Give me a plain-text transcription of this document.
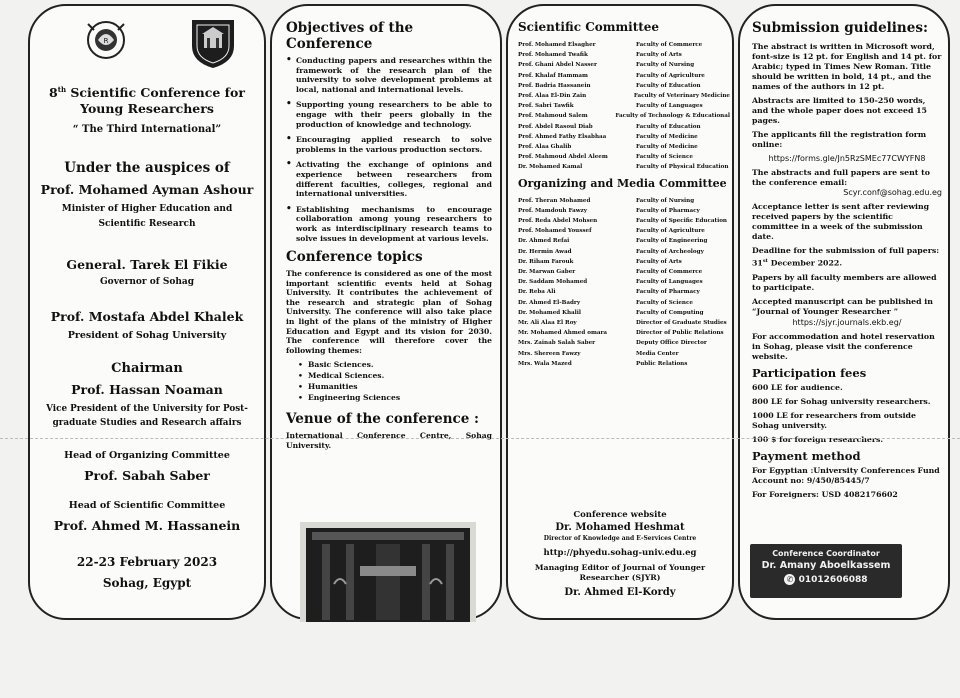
R
8th Scientific Conference for
Young Researchers
“ The Third International”
Under the auspices of
Prof. Mohamed Ayman Ashour
Minister of Higher Education and
Scientific Research
General. Tarek El Fikie
Governor of Sohag
Prof. Mostafa Abdel Khalek
President of Sohag University
Chairman
Prof. Hassan Noaman
Vice President of the University for Post-
graduate Studies and Research affairs
Head of Organizing Committee
Prof. Sabah Saber
Head of Scientific Committee
Prof. Ahmed M. Hassanein
22-23 February 2023
Sohag, Egypt
Objectives of the Conference
• Conducting papers and researches within the framework of the research plan of the university to solve development problems at local, national and international levels.
• Supporting young researchers to be able to engage with their peers globally in the production of knowledge and technology.
• Encouraging applied research to solve problems in the various production sectors.
• Activating the exchange of opinions and experience between researchers from different faculties, colleges, regional and international universities.
• Establishing mechanisms to encourage collaboration among young researchers to work as interdisciplinary research teams to solve issues in development at various levels.
Conference topics
The conference is considered as one of the most important scientific events held at Sohag University. It contributes the achievement of the research and strategic plan of Sohag University. The conference will also take place in light of the plans of the ministry of Higher Education and Egypt and its vision for 2030. The conference will therefore cover the following themes:
• Basic Sciences.
• Medical Sciences.
• Humanities
• Engineering Sciences
Venue of the conference :
International Conference Centre, Sohag University.
Scientific Committee
Prof. Mohamed Elsagher	Faculty of Commerce
Prof. Mohamed Twafik	Faculty of Arts
Prof. Ghani Abdel Nasser	Faculty of Nursing
Prof. Khalaf Hammam	Faculty of Agriculture
Prof. Badria Hassanein	Faculty of Education
Prof. Alaa El-Din Zain	Faculty of Veterinary Medicine
Prof. Sabri Tawfik	Faculty of Languages
Prof. Mahmoud Salem	Faculty of Technology & Educational
Prof. Abdel Rasoul Diab	Faculty of Education
Prof. Ahmed Fathy Elsabhaa	Faculty of Medicine
Prof. Alaa Ghalib	Faculty of Medicine
Prof. Mahmoud Abdel Aleem	Faculty of Science
Dr. Mohamed Kamal	Faculty of Physical Education
Organizing and Media Committee
Prof. Theran Mohamed	Faculty of Nursing
Prof. Mamdouh Fawzy	Faculty of Pharmacy
Prof. Reda Abdel Mohsen	Faculty of Specific Education
Prof. Mohamed Youssef	Faculty of Agriculture
Dr. Ahmed Refai	Faculty of Engineering
Dr. Hermin Awad	Faculty of Archeology
Dr. Riham Farouk	Faculty of Arts
Dr. Marwan Gaber	Faculty of Commerce
Dr. Saddam Mohamed	Faculty of Languages
Dr. Reba Ali	Faculty of Pharmacy
Dr. Ahmed El-Badry	Faculty of Science
Dr. Mohamed Khalil	Faculty of Computing
Mr. Ali Alaa El Roy	Director of Graduate Studies
Mr. Mohamed Ahmed omara	Director of Public Relations
Mrs. Zainab Salah Saber	Deputy Office Director
Mrs. Shereen Fawzy	Media Center
Mrs. Wala Mazed	Public Relations
Conference website
Dr. Mohamed Heshmat
Director of Knowledge and E-Services Centre
http://phyedu.sohag-univ.edu.eg
Managing Editor of Journal of Younger Researcher (SJYR)
Dr. Ahmed El-Kordy
Submission guidelines:

The abstract is written in Microsoft word, font-size is 12 pt. for English and 14 pt. for Arabic; typed in Times New Roman. Title should be written in bold, 14 pt., and the names of the authors in 12 pt.

Abstracts are limited to 150-250 words, and the whole paper does not exceed 15 pages.

The applicants fill the registration form online:

https://forms.gle/Jn5RzSMEc77CWYFN8

The abstracts and full papers are sent to the conference email:

Scyr.conf@sohag.edu.eg

Acceptance letter is sent after reviewing received papers by the scientific committee in a week of the submission date.

Deadline for the submission of full papers: 31st December 2022.

Papers by all faculty members are allowed to participate.

Accepted manuscript can be published in “Journal of Younger Researcher ”

https://sjyr.journals.ekb.eg/

For accommodation and hotel reservation in Sohag, please visit the conference website.

Participation fees

600 LE for audience.

800 LE for Sohag university researchers.

1000 LE for researchers from outside Sohag university.

100 $ for foreign researchers.

Payment method

For Egyptian :University Conferences Fund Account no: 9/450/85445/7

For Foreigners: USD 4082176602

Conference Coordinator
Dr. Amany Aboelkassem
✆ 01012606088
